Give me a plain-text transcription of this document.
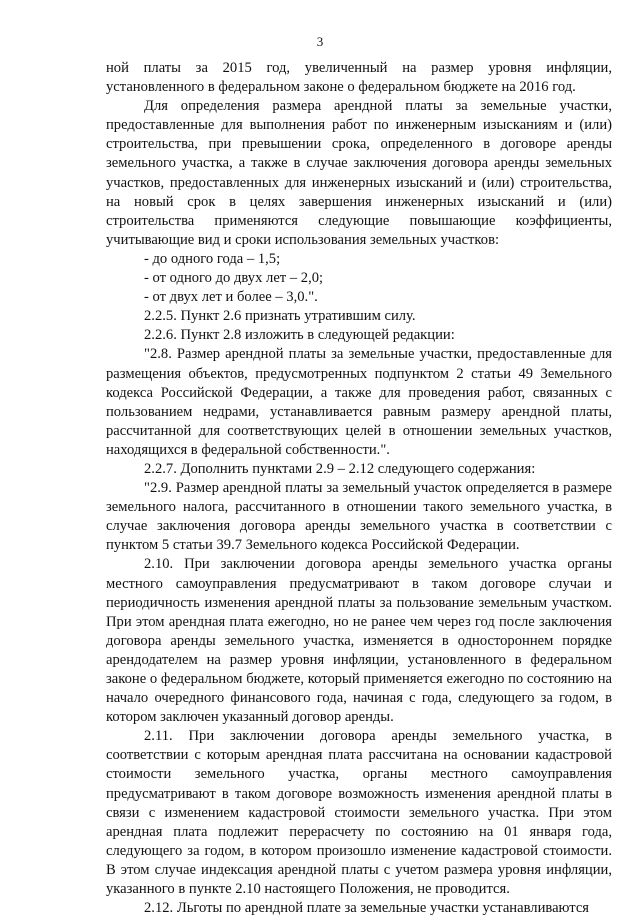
3

ной платы за 2015 год, увеличенный на размер уровня инфляции, установленного в федеральном законе о федеральном бюджете на 2016 год.

Для определения размера арендной платы за земельные участки, предоставленные для выполнения работ по инженерным изысканиям и (или) строительства, при превышении срока, определенного в договоре аренды земельного участка, а также в случае заключения договора аренды земельных участков, предоставленных для инженерных изысканий и (или) строительства, на новый срок в целях завершения инженерных изысканий и (или) строительства применяются следующие повышающие коэффициенты, учитывающие вид и сроки использования земельных участков:

- до одного года – 1,5;

- от одного до двух лет – 2,0;

- от двух лет и более – 3,0.".

2.2.5. Пункт 2.6 признать утратившим силу.

2.2.6. Пункт 2.8 изложить в следующей редакции:

"2.8. Размер арендной платы за земельные участки, предоставленные для размещения объектов, предусмотренных подпунктом 2 статьи 49 Земельного кодекса Российской Федерации, а также для проведения работ, связанных с пользованием недрами, устанавливается равным размеру арендной платы, рассчитанной для соответствующих целей в отношении земельных участков, находящихся в федеральной собственности.".

2.2.7. Дополнить пунктами 2.9 – 2.12 следующего содержания:

"2.9. Размер арендной платы за земельный участок определяется в размере земельного налога, рассчитанного в отношении такого земельного участка, в случае заключения договора аренды земельного участка в соответствии с пунктом 5 статьи 39.7 Земельного кодекса Российской Федерации.

2.10. При заключении договора аренды земельного участка органы местного самоуправления предусматривают в таком договоре случаи и периодичность изменения арендной платы за пользование земельным участком. При этом арендная плата ежегодно, но не ранее чем через год после заключения договора аренды земельного участка, изменяется в одностороннем порядке арендодателем на размер уровня инфляции, установленного в федеральном законе о федеральном бюджете, который применяется ежегодно по состоянию на начало очередного финансового года, начиная с года, следующего за годом, в котором заключен указанный договор аренды.

2.11. При заключении договора аренды земельного участка, в соответствии с которым арендная плата рассчитана на основании кадастровой стоимости земельного участка, органы местного самоуправления предусматривают в таком договоре возможность изменения арендной платы в связи с изменением кадастровой стоимости земельного участка. При этом арендная плата подлежит перерасчету по состоянию на 01 января года, следующего за годом, в котором произошло изменение кадастровой стоимости. В этом случае индексация арендной платы с учетом размера уровня инфляции, указанного в пункте 2.10 настоящего Положения, не проводится.

2.12. Льготы по арендной плате за земельные участки устанавливаются
